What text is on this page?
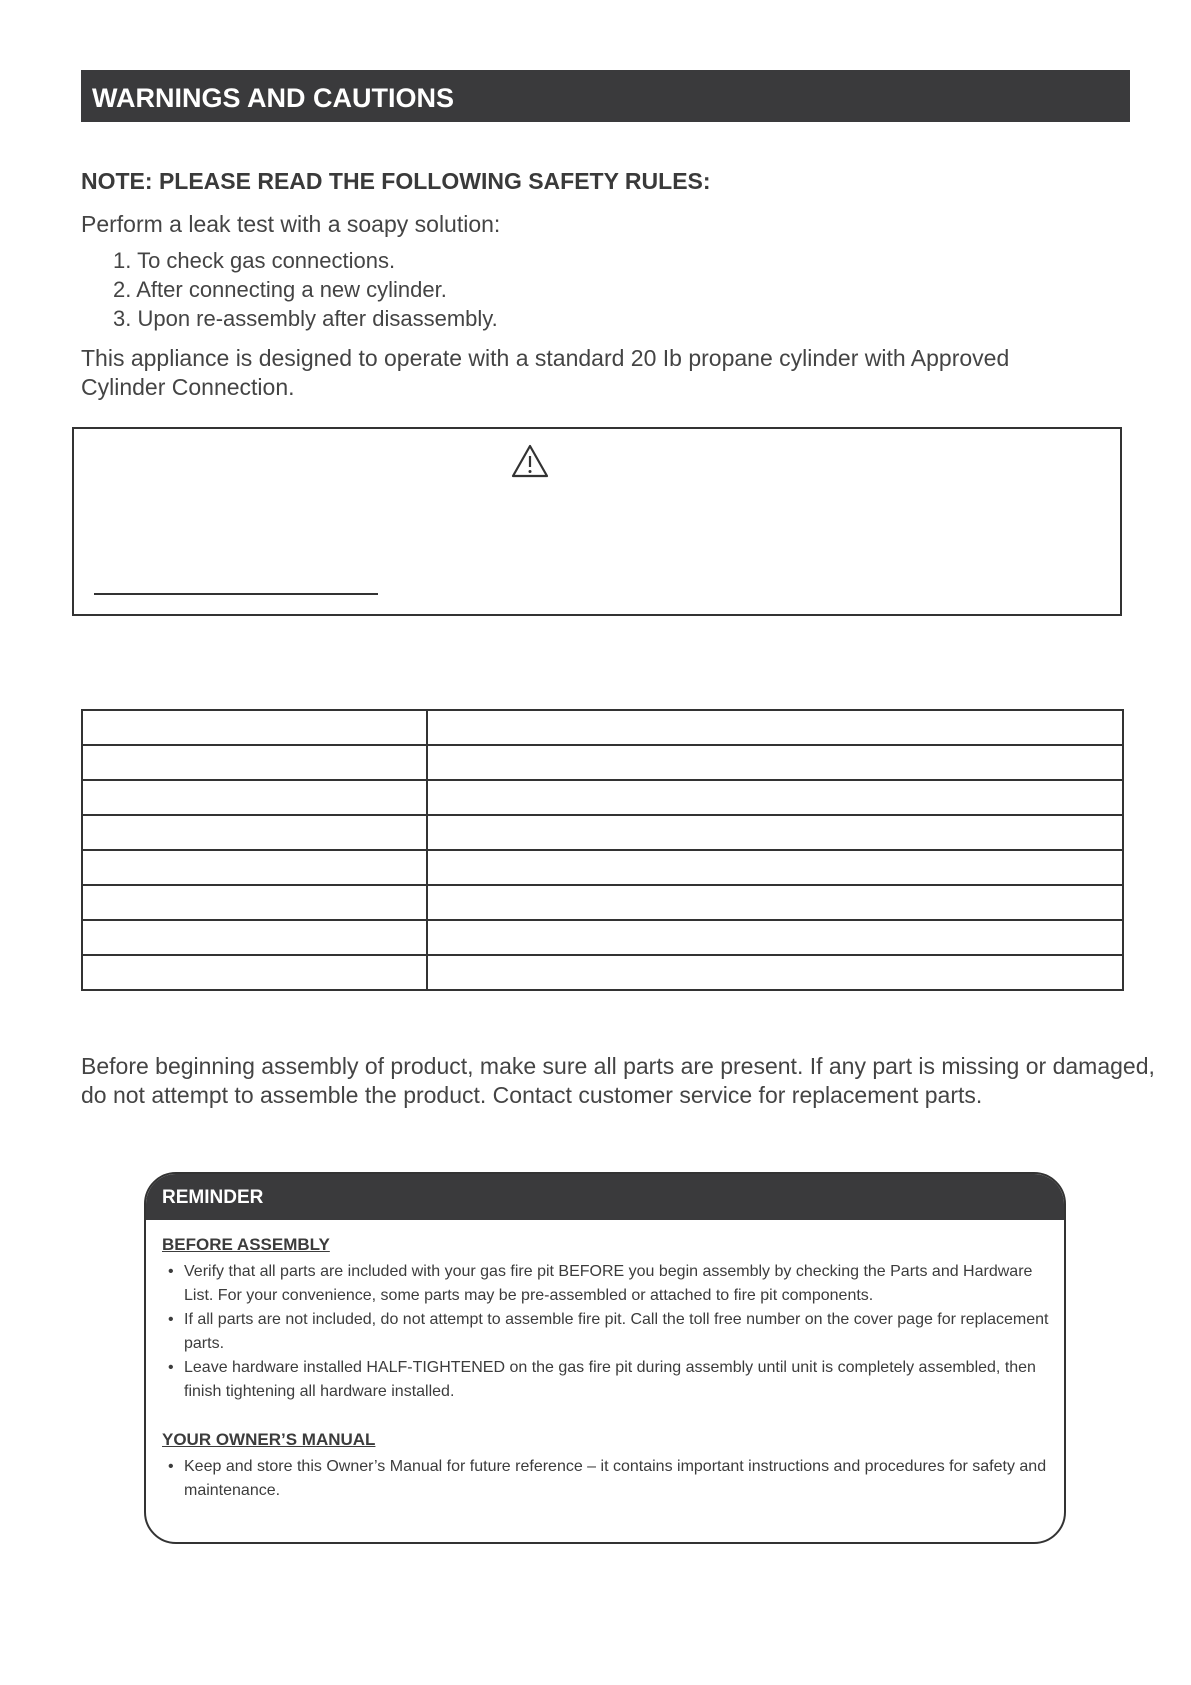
WARNINGS AND CAUTIONS
NOTE: PLEASE READ THE FOLLOWING SAFETY RULES:
Perform a leak test with a soapy solution:
1. To check gas connections.
2. After connecting a new cylinder.
3. Upon re-assembly after disassembly.
This appliance is designed to operate with a standard 20 Ib propane cylinder with Approved Cylinder Connection.

Before beginning assembly of product, make sure all parts are present. If any part is missing or damaged, do not attempt to assemble the product. Contact customer service for replacement parts.
REMINDER
BEFORE ASSEMBLY
• Verify that all parts are included with your gas fire pit BEFORE you begin assembly by checking the Parts and Hardware List. For your convenience, some parts may be pre-assembled or attached to fire pit components.
• If all parts are not included, do not attempt to assemble fire pit. Call the toll free number on the cover page for replacement parts.
• Leave hardware installed HALF-TIGHTENED on the gas fire pit during assembly until unit is completely assembled, then finish tightening all hardware installed.
YOUR OWNER’S MANUAL
• Keep and store this Owner’s Manual for future reference – it contains important instructions and procedures for safety and maintenance.
